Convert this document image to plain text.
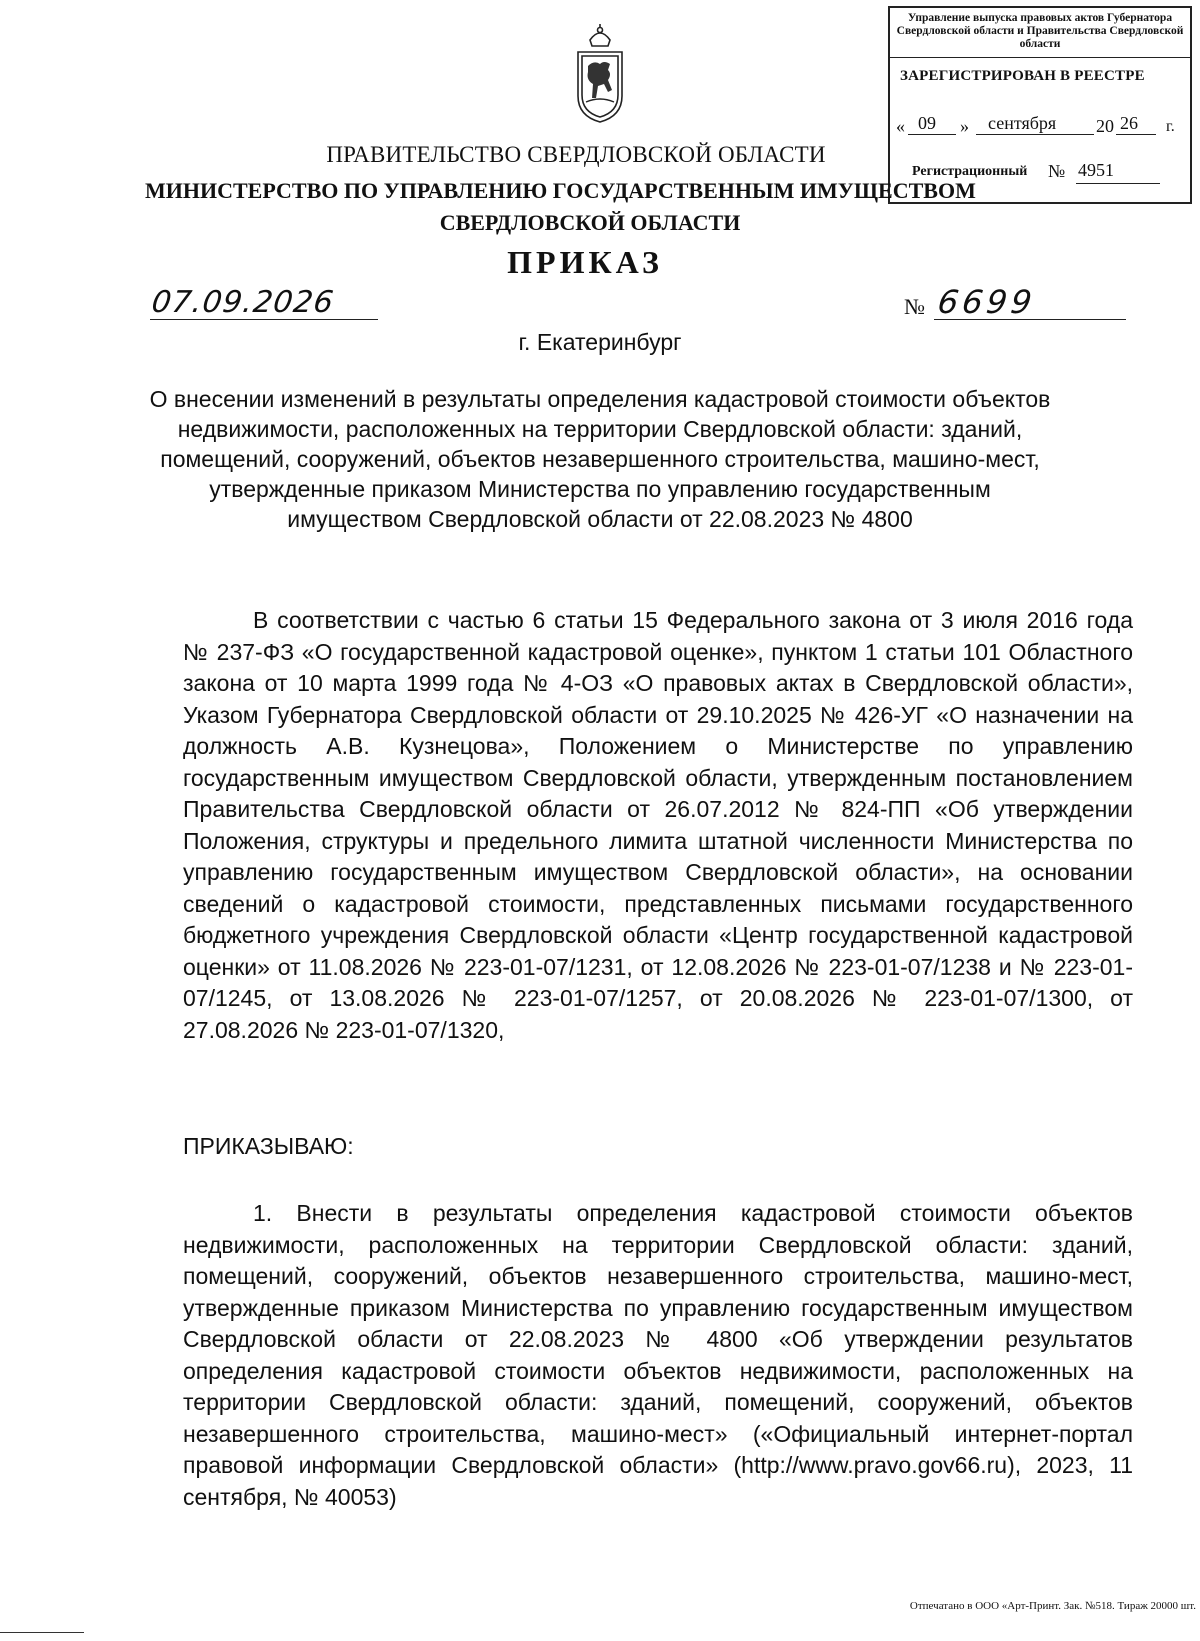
Управление выпуска правовых актов Губернатора Свердловской области и Правительства Свердловской области
ЗАРЕГИСТРИРОВАН В РЕЕСТРЕ
« 09 » сентября 20 26 г.
Регистрационный № 4951
ПРАВИТЕЛЬСТВО СВЕРДЛОВСКОЙ ОБЛАСТИ
МИНИСТЕРСТВО ПО УПРАВЛЕНИЮ ГОСУДАРСТВЕННЫМ ИМУЩЕСТВОМ
СВЕРДЛОВСКОЙ ОБЛАСТИ
ПРИКАЗ
07.09.2026	№ 6699
г. Екатеринбург

О внесении изменений в результаты определения кадастровой стоимости объектов недвижимости, расположенных на территории Свердловской области: зданий, помещений, сооружений, объектов незавершенного строительства, машино-мест, утвержденные приказом Министерства по управлению государственным имуществом Свердловской области от 22.08.2023 № 4800

В соответствии с частью 6 статьи 15 Федерального закона от 3 июля 2016 года № 237-ФЗ «О государственной кадастровой оценке», пунктом 1 статьи 101 Областного закона от 10 марта 1999 года № 4-ОЗ «О правовых актах в Свердловской области», Указом Губернатора Свердловской области от 29.10.2025 № 426-УГ «О назначении на должность А.В. Кузнецова», Положением о Министерстве по управлению государственным имуществом Свердловской области, утвержденным постановлением Правительства Свердловской области от 26.07.2012 № 824-ПП «Об утверждении Положения, структуры и предельного лимита штатной численности Министерства по управлению государственным имуществом Свердловской области», на основании сведений о кадастровой стоимости, представленных письмами государственного бюджетного учреждения Свердловской области «Центр государственной кадастровой оценки» от 11.08.2026 № 223-01-07/1231, от 12.08.2026 № 223-01-07/1238 и № 223-01-07/1245, от 13.08.2026 № 223-01-07/1257, от 20.08.2026 № 223-01-07/1300, от 27.08.2026 № 223-01-07/1320,

ПРИКАЗЫВАЮ:

1. Внести в результаты определения кадастровой стоимости объектов недвижимости, расположенных на территории Свердловской области: зданий, помещений, сооружений, объектов незавершенного строительства, машино-мест, утвержденные приказом Министерства по управлению государственным имуществом Свердловской области от 22.08.2023 № 4800 «Об утверждении результатов определения кадастровой стоимости объектов недвижимости, расположенных на территории Свердловской области: зданий, помещений, сооружений, объектов незавершенного строительства, машино-мест» («Официальный интернет-портал правовой информации Свердловской области» (http://www.pravo.gov66.ru), 2023, 11 сентября, № 40053)

Отпечатано в ООО «Арт-Принт. Зак. №518. Тираж 20000 шт.
